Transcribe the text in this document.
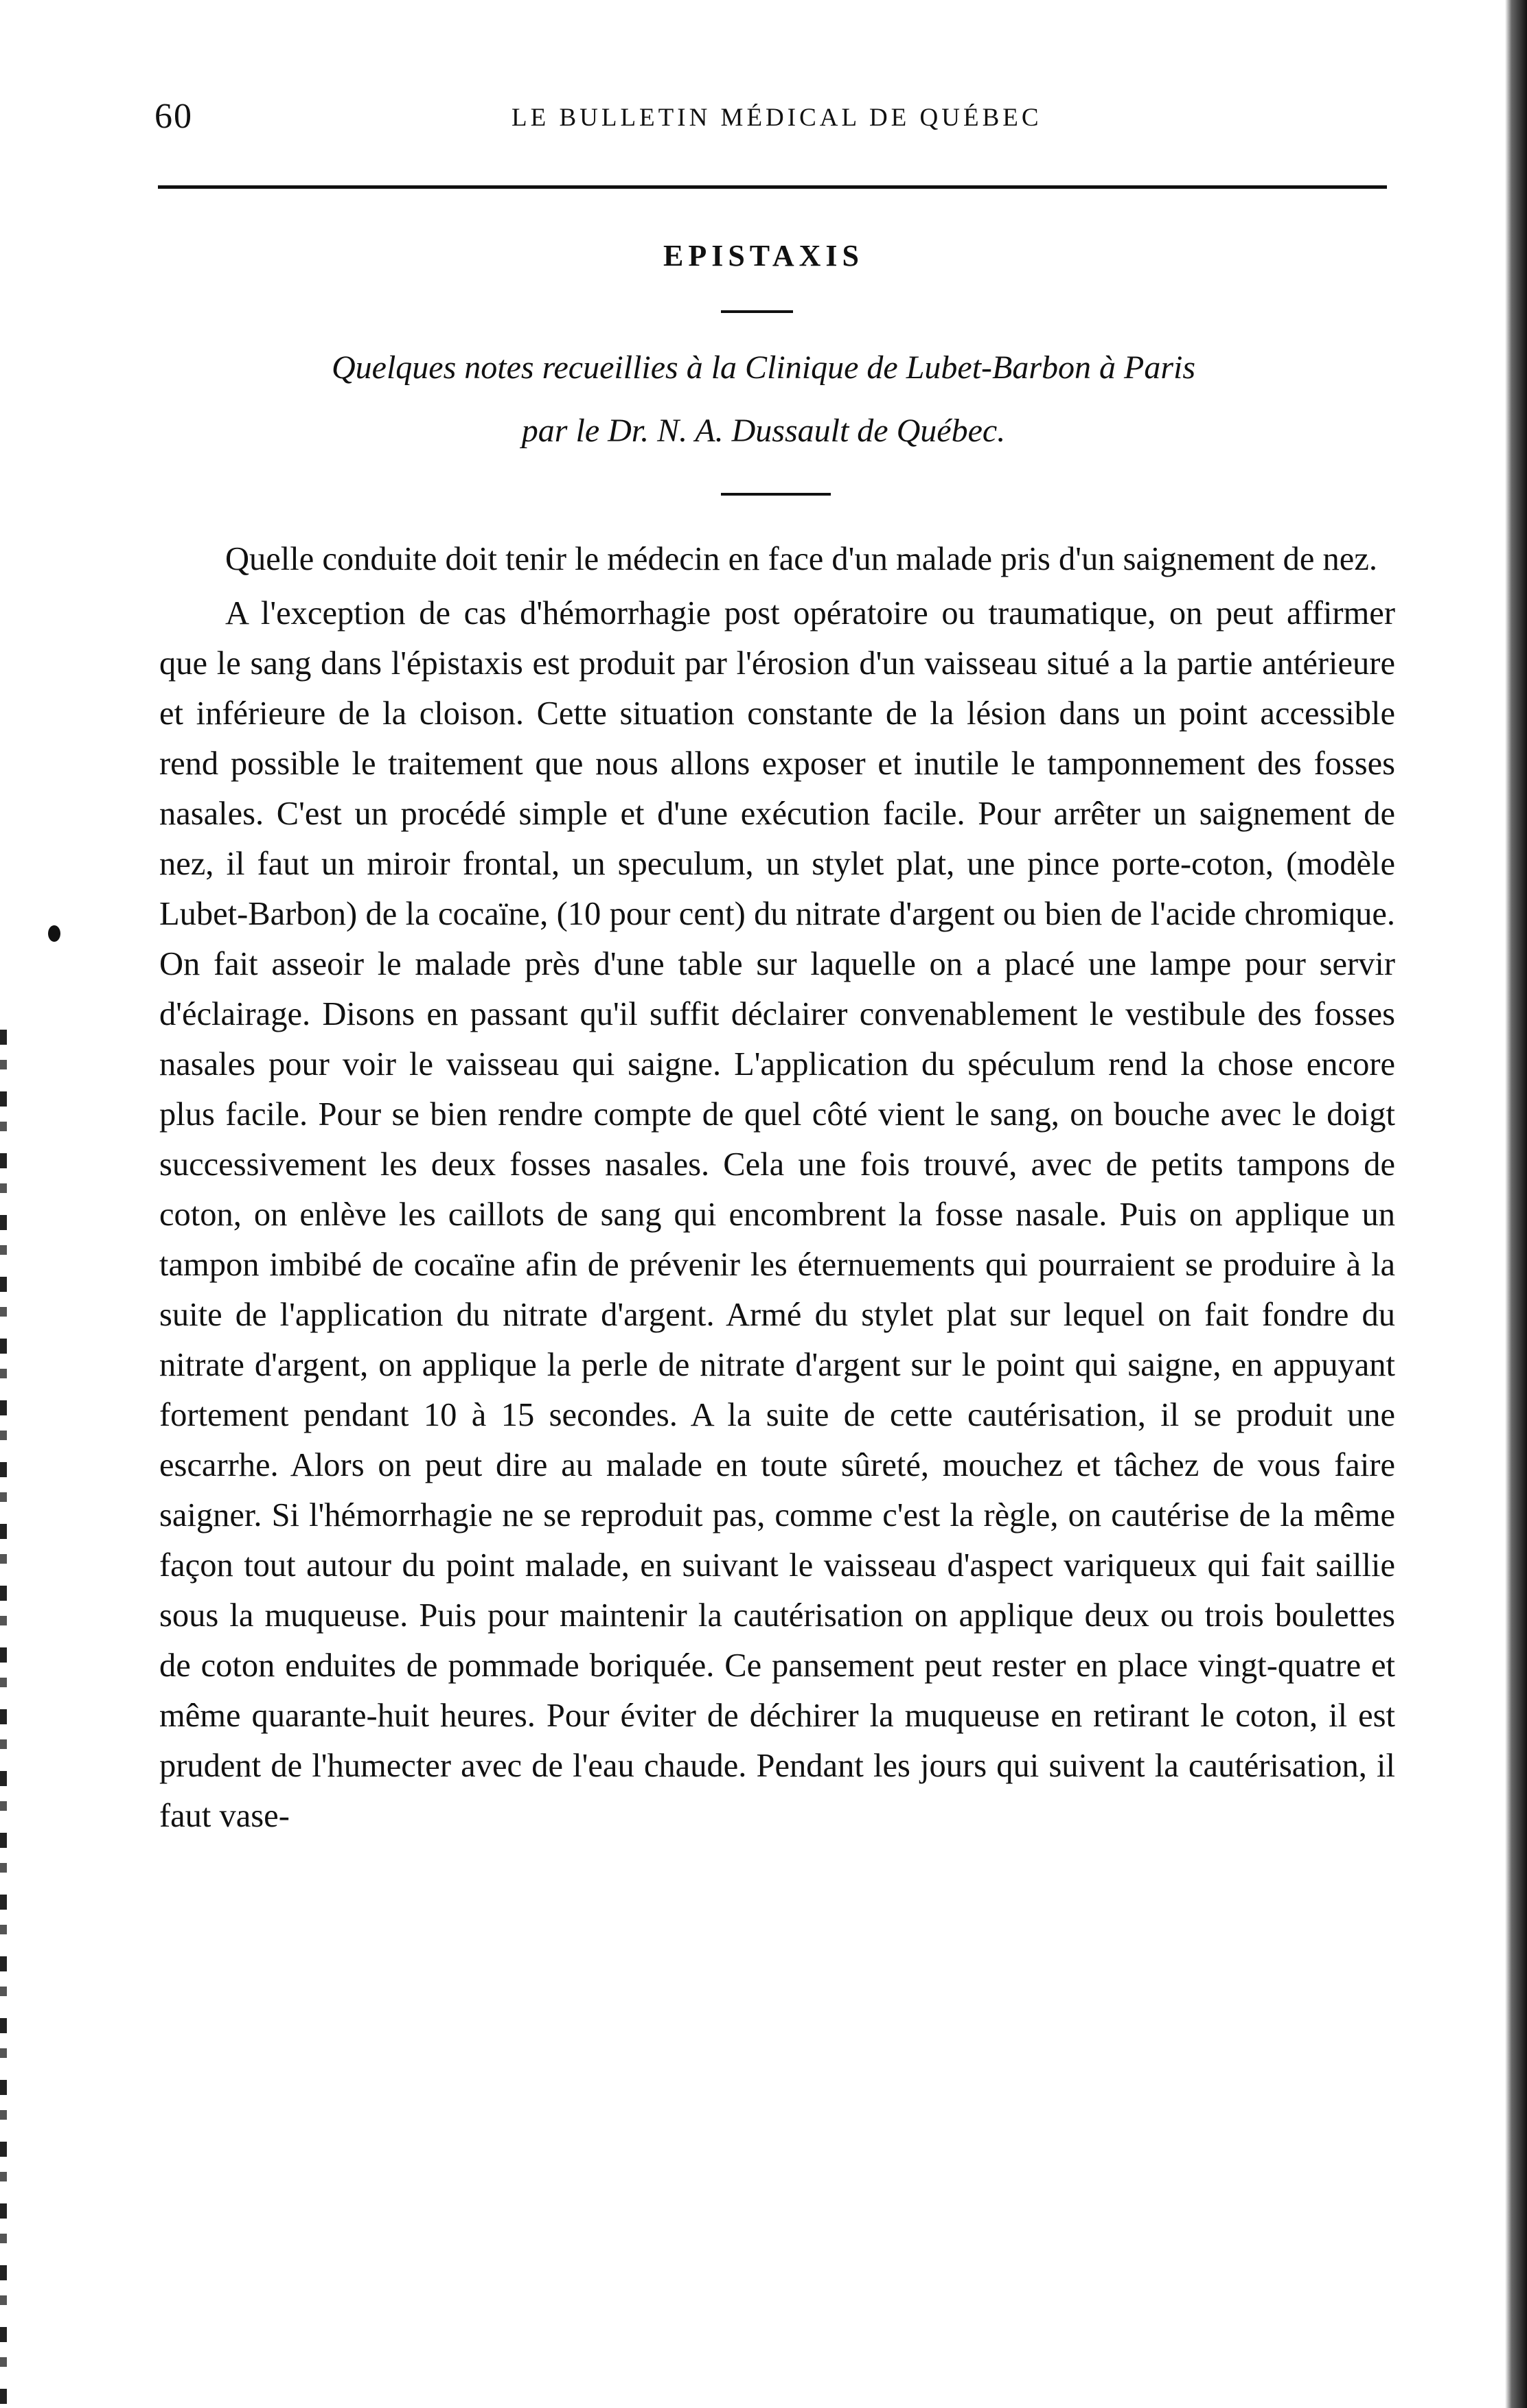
60	LE BULLETIN MÉDICAL DE QUÉBEC
EPISTAXIS
Quelques notes recueillies à la Clinique de Lubet-Barbon à Paris
par le Dr. N. A. Dussault de Québec.

Quelle conduite doit tenir le médecin en face d'un malade pris d'un saignement de nez.

A l'exception de cas d'hémorrhagie post opératoire ou traumatique, on peut affirmer que le sang dans l'épistaxis est produit par l'érosion d'un vaisseau situé a la partie antérieure et inférieure de la cloison. Cette situation constante de la lésion dans un point accessible rend possible le traitement que nous allons exposer et inutile le tamponnement des fosses nasales. C'est un procédé simple et d'une exécution facile. Pour arrêter un saignement de nez, il faut un miroir frontal, un speculum, un stylet plat, une pince porte-coton, (modèle Lubet-Barbon) de la cocaïne, (10 pour cent) du nitrate d'argent ou bien de l'acide chromique. On fait asseoir le malade près d'une table sur laquelle on a placé une lampe pour servir d'éclairage. Disons en passant qu'il suffit déclairer convenablement le vestibule des fosses nasales pour voir le vaisseau qui saigne. L'application du spéculum rend la chose encore plus facile. Pour se bien rendre compte de quel côté vient le sang, on bouche avec le doigt successivement les deux fosses nasales. Cela une fois trouvé, avec de petits tampons de coton, on enlève les caillots de sang qui encombrent la fosse nasale. Puis on applique un tampon imbibé de cocaïne afin de prévenir les éternuements qui pourraient se produire à la suite de l'application du nitrate d'argent. Armé du stylet plat sur lequel on fait fondre du nitrate d'argent, on applique la perle de nitrate d'argent sur le point qui saigne, en appuyant fortement pendant 10 à 15 secondes. A la suite de cette cautérisation, il se produit une escarrhe. Alors on peut dire au malade en toute sûreté, mouchez et tâchez de vous faire saigner. Si l'hémorrhagie ne se reproduit pas, comme c'est la règle, on cautérise de la même façon tout autour du point malade, en suivant le vaisseau d'aspect variqueux qui fait saillie sous la muqueuse. Puis pour maintenir la cautérisation on applique deux ou trois boulettes de coton enduites de pommade boriquée. Ce pansement peut rester en place vingt-quatre et même quarante-huit heures. Pour éviter de déchirer la muqueuse en retirant le coton, il est prudent de l'humecter avec de l'eau chaude. Pendant les jours qui suivent la cautérisation, il faut vase-
